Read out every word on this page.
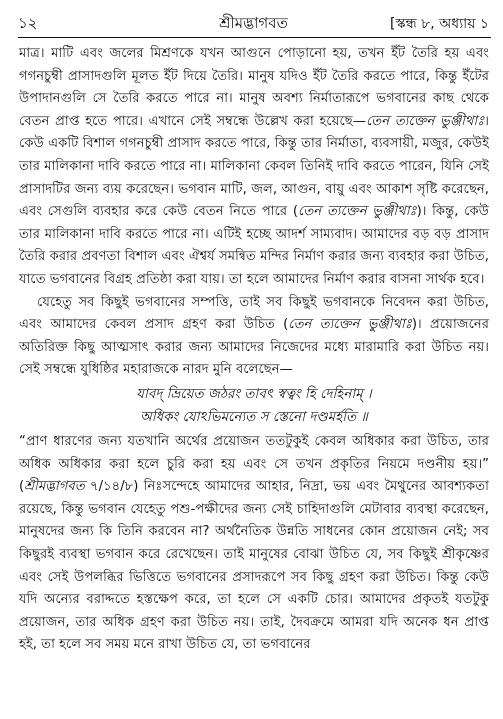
১২	শ্রীমদ্ভাগবত	[স্কন্ধ ৮, অধ্যায় ১

মাত্র। মাটি এবং জলের মিশ্রণকে যখন আগুনে পোড়ানো হয়, তখন ইঁট তৈরি হয় এবং গগনচুম্বী প্রাসাদগুলি মূলত ইঁট দিয়ে তৈরি। মানুষ যদিও ইঁট তৈরি করতে পারে, কিন্তু ইঁটের উপাদানগুলি সে তৈরি করতে পারে না। মানুষ অবশ্য নির্মাতারূপে ভগবানের কাছ থেকে বেতন প্রাপ্ত হতে পারে। এখানে সেই সম্বন্ধে উল্লেখ করা হয়েছে—তেন ত্যক্তেন ভুঞ্জীথাঃ। কেউ একটি বিশাল গগনচুম্বী প্রাসাদ করতে পারে, কিন্তু তার নির্মাতা, ব্যবসায়ী, মজুর, কেউই তার মালিকানা দাবি করতে পারে না। মালিকানা কেবল তিনিই দাবি করতে পারেন, যিনি সেই প্রাসাদটির জন্য ব্যয় করেছেন। ভগবান মাটি, জল, আগুন, বায়ু এবং আকাশ সৃষ্টি করেছেন, এবং সেগুলি ব্যবহার করে কেউ বেতন নিতে পারে (তেন ত্যক্তেন ভুঞ্জীথাঃ)। কিন্তু, কেউ তার মালিকানা দাবি করতে পারে না। এটিই হচ্ছে আদর্শ সাম্যবাদ। আমাদের বড় বড় প্রাসাদ তৈরি করার প্রবণতা বিশাল এবং ঐশ্বর্য সমন্বিত মন্দির নির্মাণ করার জন্য ব্যবহার করা উচিত, যাতে ভগবানের বিগ্রহ প্রতিষ্ঠা করা যায়। তা হলে আমাদের নির্মাণ করার বাসনা সার্থক হবে।

যেহেতু সব কিছুই ভগবানের সম্পত্তি, তাই সব কিছুই ভগবানকে নিবেদন করা উচিত, এবং আমাদের কেবল প্রসাদ গ্রহণ করা উচিত (তেন ত্যক্তেন ভুঞ্জীথাঃ)। প্রয়োজনের অতিরিক্ত কিছু আত্মসাৎ করার জন্য আমাদের নিজেদের মধ্যে মারামারি করা উচিত নয়। সেই সম্বন্ধে যুধিষ্ঠির মহারাজকে নারদ মুনি বলেছেন—

যাবদ্ ভ্রিয়েত জঠরং তাবৎ স্বত্বং হি দেহিনাম্ ।
অধিকং যোঽভিমন্যেত স স্তেনো দণ্ডমর্হতি ॥

“প্রাণ ধারণের জন্য যতখানি অর্থের প্রয়োজন ততটুকুই কেবল অধিকার করা উচিত, তার অধিক অধিকার করা হলে চুরি করা হয় এবং সে তখন প্রকৃতির নিয়মে দণ্ডনীয় হয়।” (শ্রীমদ্ভাগবত ৭/১৪/৮) নিঃসন্দেহে আমাদের আহার, নিদ্রা, ভয় এবং মৈথুনের আবশ্যকতা রয়েছে, কিন্তু ভগবান যেহেতু পশু-পক্ষীদের জন্য সেই চাহিদাগুলি মেটাবার ব্যবস্থা করেছেন, মানুষদের জন্য কি তিনি করবেন না? অর্থনৈতিক উন্নতি সাধনের কোন প্রয়োজন নেই; সব কিছুরই ব্যবস্থা ভগবান করে রেখেছেন। তাই মানুষের বোঝা উচিত যে, সব কিছুই শ্রীকৃষ্ণের এবং সেই উপলব্ধির ভিত্তিতে ভগবানের প্রসাদরূপে সব কিছু গ্রহণ করা উচিত। কিন্তু কেউ যদি অন্যের বরাদ্দতে হস্তক্ষেপ করে, তা হলে সে একটি চোর। আমাদের প্রকৃতই যতটুকু প্রয়োজন, তার অধিক গ্রহণ করা উচিত নয়। তাই, দৈবক্রমে আমরা যদি অনেক ধন প্রাপ্ত হই, তা হলে সব সময় মনে রাখা উচিত যে, তা ভগবানের
